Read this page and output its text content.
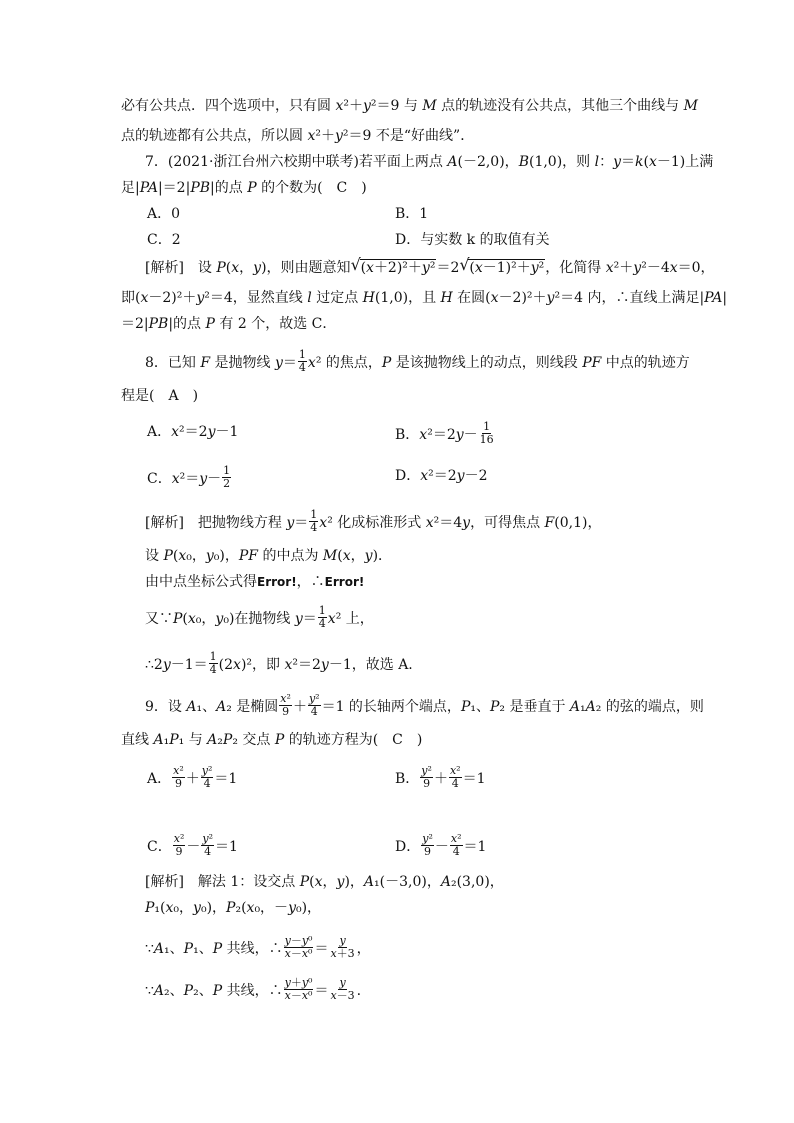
必有公共点．四个选项中，只有圆 x²＋y²＝9 与 M 点的轨迹没有公共点，其他三个曲线与 M
点的轨迹都有公共点，所以圆 x²＋y²＝9 不是“好曲线”．
7．(2021·浙江台州六校期中联考)若平面上两点 A(－2,0)，B(1,0)，则 l：y＝k(x－1)上满
足|PA|＝2|PB|的点 P 的个数为(　C　)
A．0	B．1
C．2	D．与实数 k 的取值有关
[解析]　设 P(x，y)，则由题意知 √ (x＋2)²＋y²＝2 √ (x－1)²＋y²，化简得 x²＋y²－4x＝0，
即(x－2)²＋y²＝4，显然直线 l 过定点 H(1,0)，且 H 在圆(x－2)²＋y²＝4 内，∴直线上满足|PA|
＝2|PB|的点 P 有 2 个，故选 C．
8．已知 F 是抛物线 $y= \frac{1}{4} x^2$ 的焦点，P 是该抛物线上的动点，则线段 PF 中点的轨迹方
程是(　A　)
A．x²＝2y－1	B．$x^2=2y- \frac{1}{16}$
C．$x^2=y- \frac{1}{2}$	D．x²＝2y－2
[解析]　把抛物线方程 $y= \frac{1}{4} x^2$ 化成标准形式 x²＝4y，可得焦点 F(0,1)，
设 P(x₀，y₀)，PF 的中点为 M(x，y)．
由中点坐标公式得Error!，∴Error!
又∵P(x₀，y₀)在抛物线 $y= \frac{1}{4} x^2$ 上，
∴2y－1＝ $\frac{1}{4} (2x)^2$，即 x²＝2y－1，故选 A.
9．设 A₁、A₂ 是椭圆 $\frac{\text{x²}}{9} + \frac{\text{y²}}{4} =1$ 的长轴两个端点，P₁、P₂ 是垂直于 A₁A₂ 的弦的端点，则
直线 A₁P₁ 与 A₂P₂ 交点 P 的轨迹方程为(　C　)
A． $\frac{\text{x²}}{9} + \frac{\text{y²}}{4} =1$	B． $\frac{\text{y²}}{9} + \frac{\text{x²}}{4} =1$
C． $\frac{\text{x²}}{9} - \frac{\text{y²}}{4} =1$	D． $\frac{\text{y²}}{9} - \frac{\text{x²}}{4} =1$
[解析]　解法 1：设交点 P(x，y)，A₁(－3,0)，A₂(3,0)，
P₁(x₀，y₀)，P₂(x₀，－y₀)，
∵A₁、P₁、P 共线，∴ $\frac{\text{y－y⁰}}{\text{x－x⁰}} = \frac{y}{x+3}$ ，
∵A₂、P₂、P 共线，∴ $\frac{\text{y＋y⁰}}{\text{x－x⁰}} = \frac{y}{x-3}$ .
